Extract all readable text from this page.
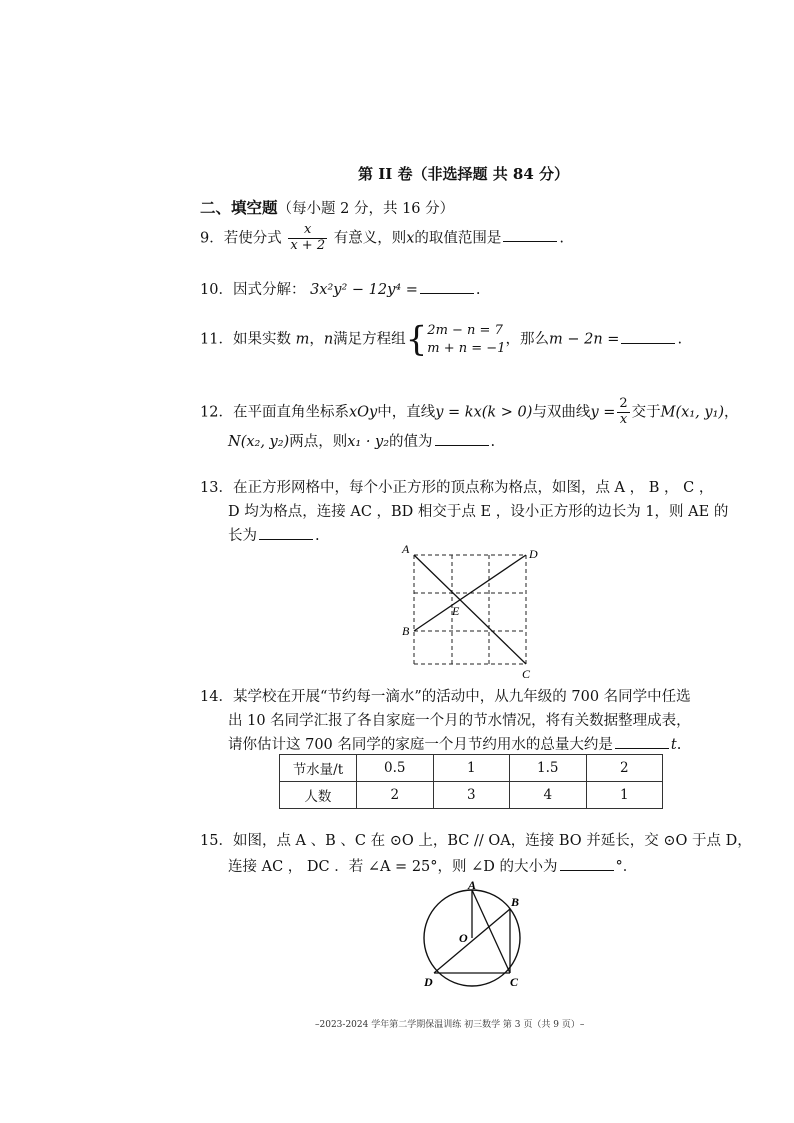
第 II 卷（非选择题 共 84 分）
二、填空题（每小题 2 分，共 16 分）
9．若使分式 $\frac{x}{x + 2}$ 有意义，则x的取值范围是	.
10．因式分解： 3x²y² − 12y⁴ =	.
11．如果实数 m，n满足方程组{ 2m − n = 7
m + n = −1
，那么m − 2n =	.
12．在平面直角坐标系xOy中，直线y = kx(k > 0)与双曲线$y = \frac{2}{x}$ 交于M(x₁, y₁)，
N(x₂, y₂)两点，则x₁ · y₂的值为	.
13．在正方形网格中，每个小正方形的顶点称为格点，如图，点 A ， B ， C ，
D 均为格点，连接 AC ，BD 相交于点 E ，设小正方形的边长为 1，则 AE 的
长为	.
A	D
B
E
C
14．某学校在开展“节约每一滴水”的活动中，从九年级的 700 名同学中任选
出 10 名同学汇报了各自家庭一个月的节水情况，将有关数据整理成表，
请你估计这 700 名同学的家庭一个月节约用水的总量大约是	t.
节水量/t	0.5	1	1.5	2
人数	2	3	4	1
15．如图，点 A 、B 、C 在 ⊙O 上，BC // OA，连接 BO 并延长，交 ⊙O 于点 D，
连接 AC ， DC ．若 ∠A = 25°，则 ∠D 的大小为	°．
A
B
O
D	C
–2023-2024 学年第二学期保温训练 初三数学 第 3 页（共 9 页）–
